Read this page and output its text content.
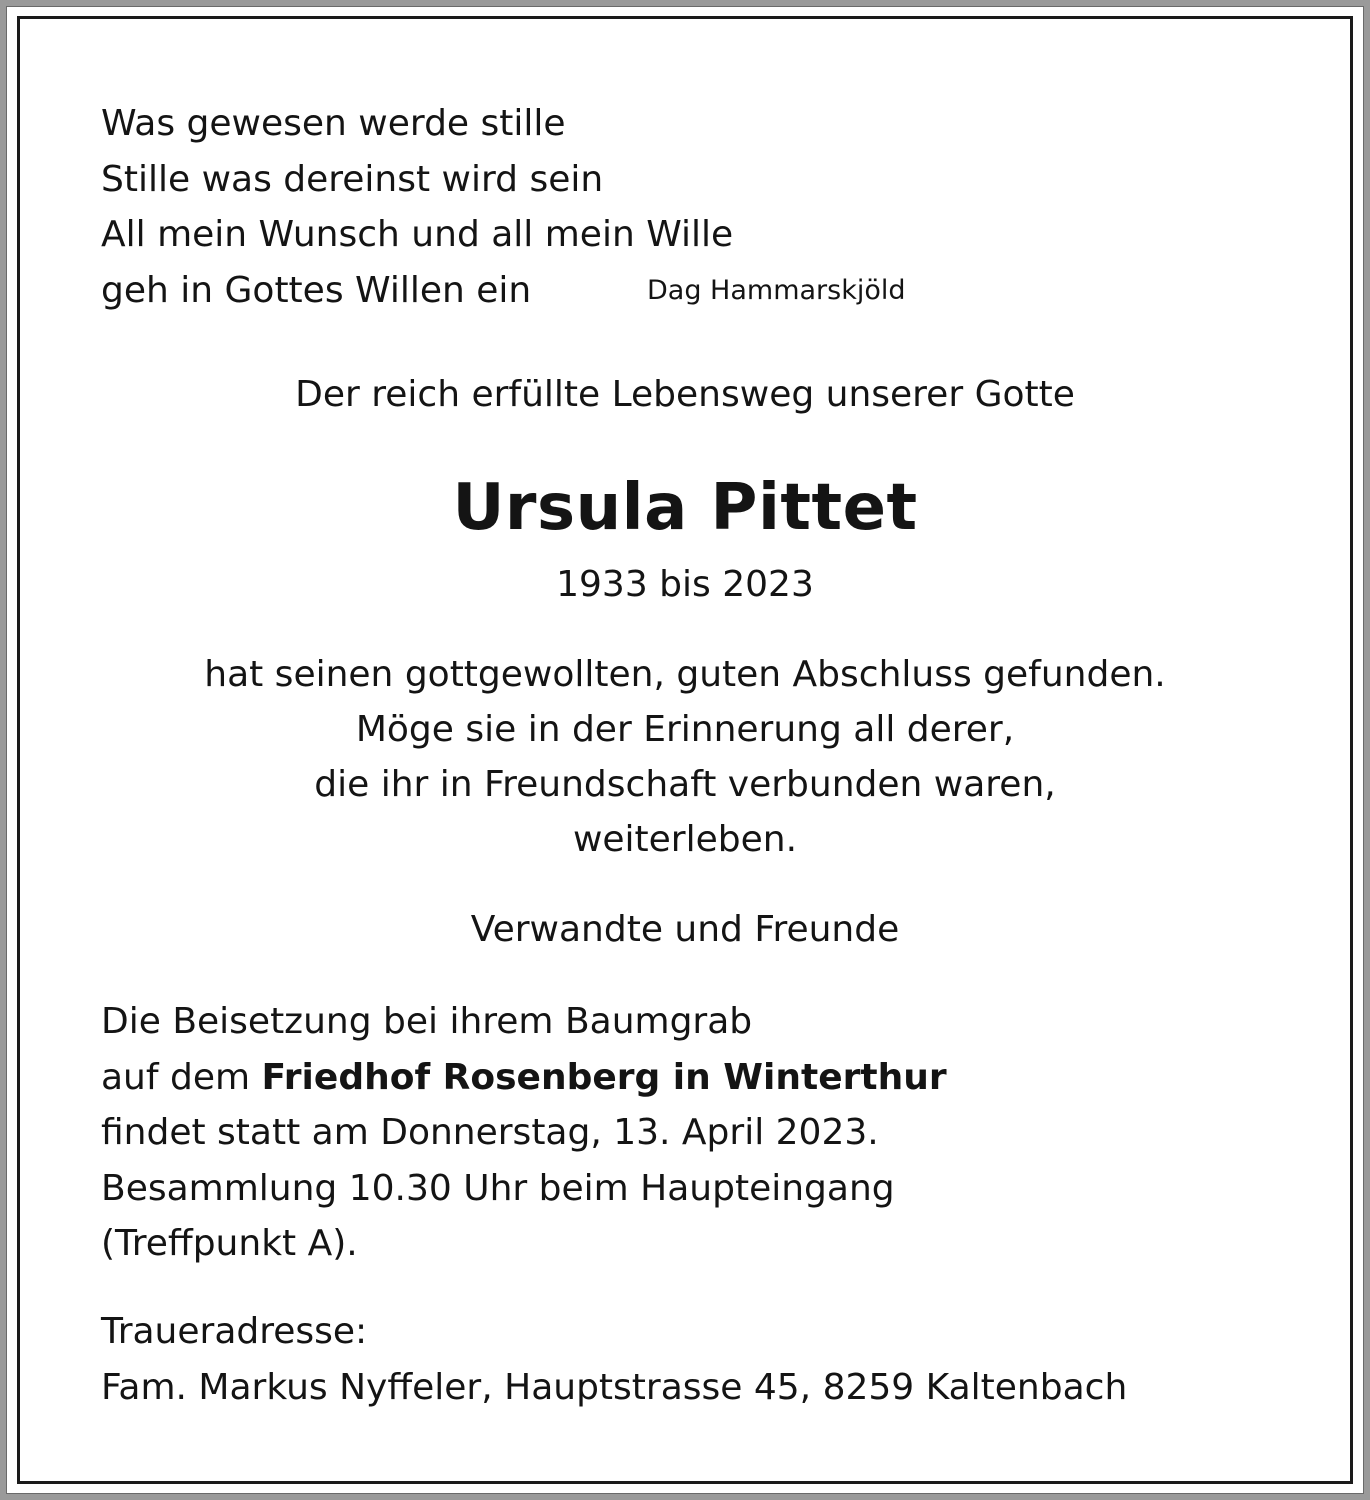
Was gewesen werde stille
Stille was dereinst wird sein
All mein Wunsch und all mein Wille
geh in Gottes Willen ein	Dag Hammarskjöld
Der reich erfüllte Lebensweg unserer Gotte
Ursula Pittet
1933 bis 2023
hat seinen gottgewollten, guten Abschluss gefunden.
Möge sie in der Erinnerung all derer,
die ihr in Freundschaft verbunden waren,
weiterleben.
Verwandte und Freunde
Die Beisetzung bei ihrem Baumgrab
auf dem Friedhof Rosenberg in Winterthur
findet statt am Donnerstag, 13. April 2023.
Besammlung 10.30 Uhr beim Haupteingang
(Treffpunkt A).
Traueradresse:
Fam. Markus Nyffeler, Hauptstrasse 45, 8259 Kaltenbach
